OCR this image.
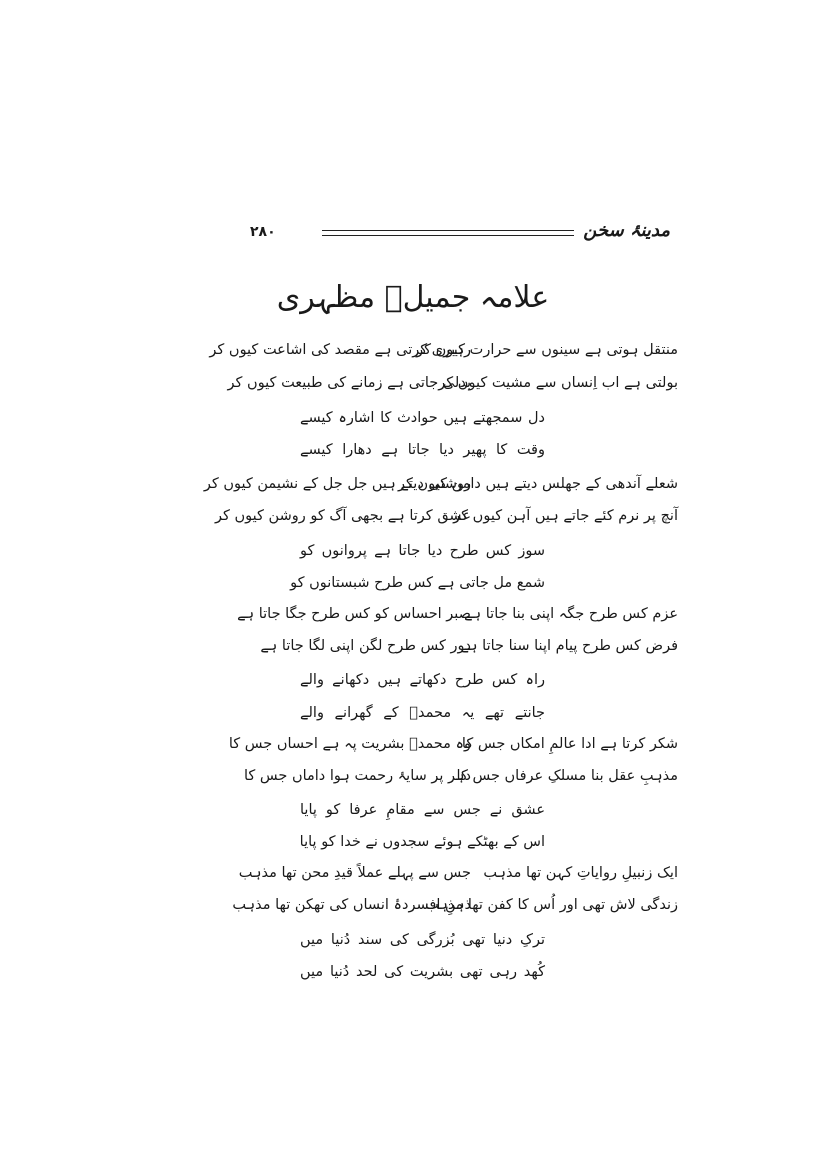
مدینۂ سخن
۲۸۰
علامہ جمیلؔ مظہری
منتقل ہوتی ہے سینوں سے حرارت کیوں کر
رہبری کرتی ہے مقصد کی اشاعت کیوں کر
بولتی ہے اب اِنساں سے مشیت کیوں کر
بدلی جاتی ہے زمانے کی طبیعت کیوں کر
دل سمجھتے ہیں حوادث کا اشارہ کیسے
وقت کا پھیر دیا جاتا ہے دھارا کیسے
شعلے آندھی کے جھلس دیتے ہیں دامن کیوں کر
روشنی دیتے ہیں جل جل کے نشیمن کیوں کر
آنچ پر نرم کئے جاتے ہیں آہن کیوں کر
عشق کرتا ہے بجھی آگ کو روشن کیوں کر
سوز کس طرح دیا جاتا ہے پروانوں کو
شمع مل جاتی ہے کس طرح شبستانوں کو
عزم کس طرح جگہ اپنی بنا جاتا ہے
صبر احساس کو کس طرح جگا جاتا ہے
فرض کس طرح پیام اپنا سنا جاتا ہے
دور کس طرح لگن اپنی لگا جاتا ہے
راہ کس طرح دکھاتے ہیں دکھانے والے
جانتے تھے یہ محمدؐ کے گھرانے والے
شکر کرتا ہے ادا عالمِ امکاں جس کا
وہ محمدؐ بشریت پہ ہے احساں جس کا
مذہبِ عقل بنا مسلکِ عرفاں جس کا
دہر پر سایۂ رحمت ہوا داماں جس کا
عشق نے جس سے مقامِ عرفا کو پایا
اس کے بھٹکے ہوئے سجدوں نے خدا کو پایا
ایک زنبیلِ روایاتِ کہن تھا مذہب
جس سے پہلے عملاً قیدِ محن تھا مذہب
زندگی لاش تھی اور اُس کا کفن تھا مذہب
ذہنِ افسردۂ انساں کی تھکن تھا مذہب
ترکِ دنیا تھی بُزرگی کی سند دُنیا میں
کُھد رہی تھی بشریت کی لحد دُنیا میں
